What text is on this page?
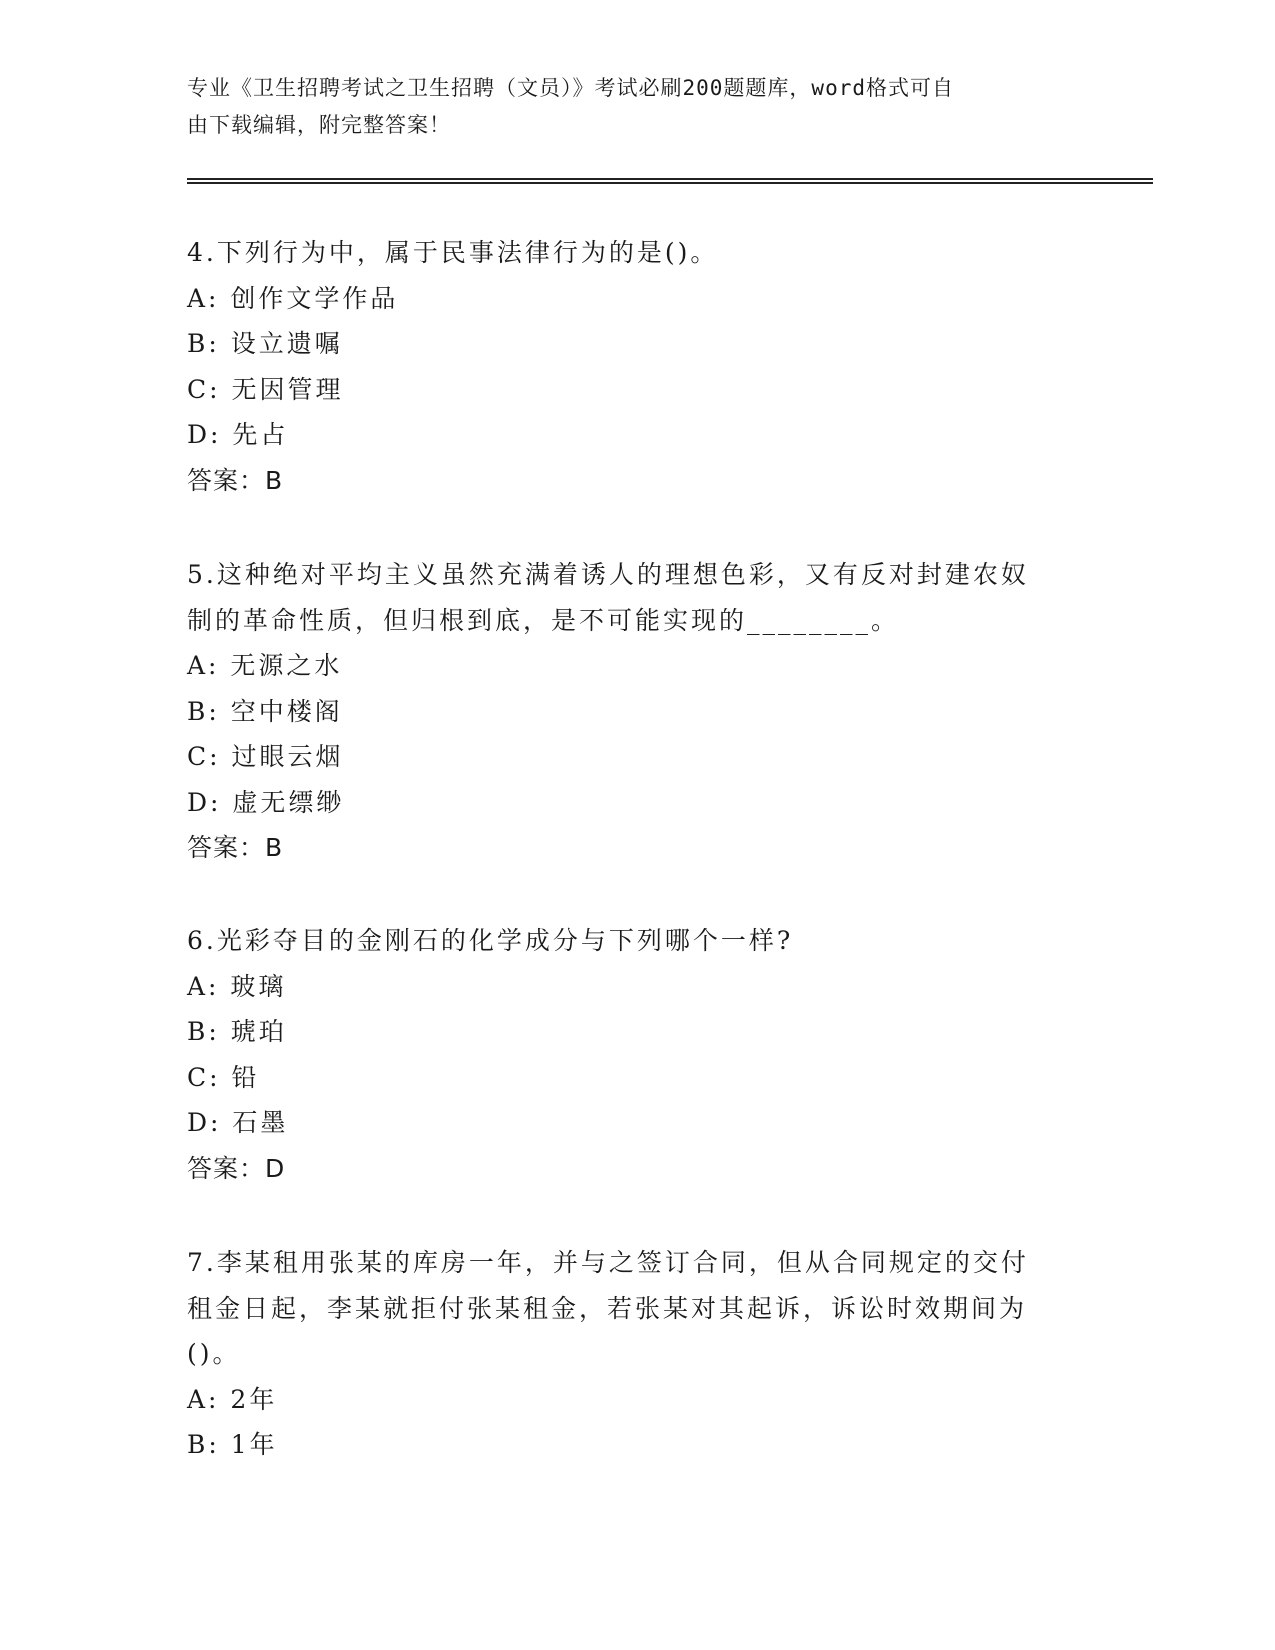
专业《卫生招聘考试之卫生招聘（文员）》考试必刷200题题库，word格式可自
由下载编辑，附完整答案！
4.下列行为中，属于民事法律行为的是()。
A: 创作文学作品
B: 设立遗嘱
C: 无因管理
D: 先占
答案：B
5.这种绝对平均主义虽然充满着诱人的理想色彩，又有反对封建农奴
制的革命性质，但归根到底，是不可能实现的________。
A: 无源之水
B: 空中楼阁
C: 过眼云烟
D: 虚无缥缈
答案：B
6.光彩夺目的金刚石的化学成分与下列哪个一样?
A: 玻璃
B: 琥珀
C: 铅
D: 石墨
答案：D
7.李某租用张某的库房一年，并与之签订合同，但从合同规定的交付
租金日起，李某就拒付张某租金，若张某对其起诉，诉讼时效期间为
()。
A: 2年
B: 1年
